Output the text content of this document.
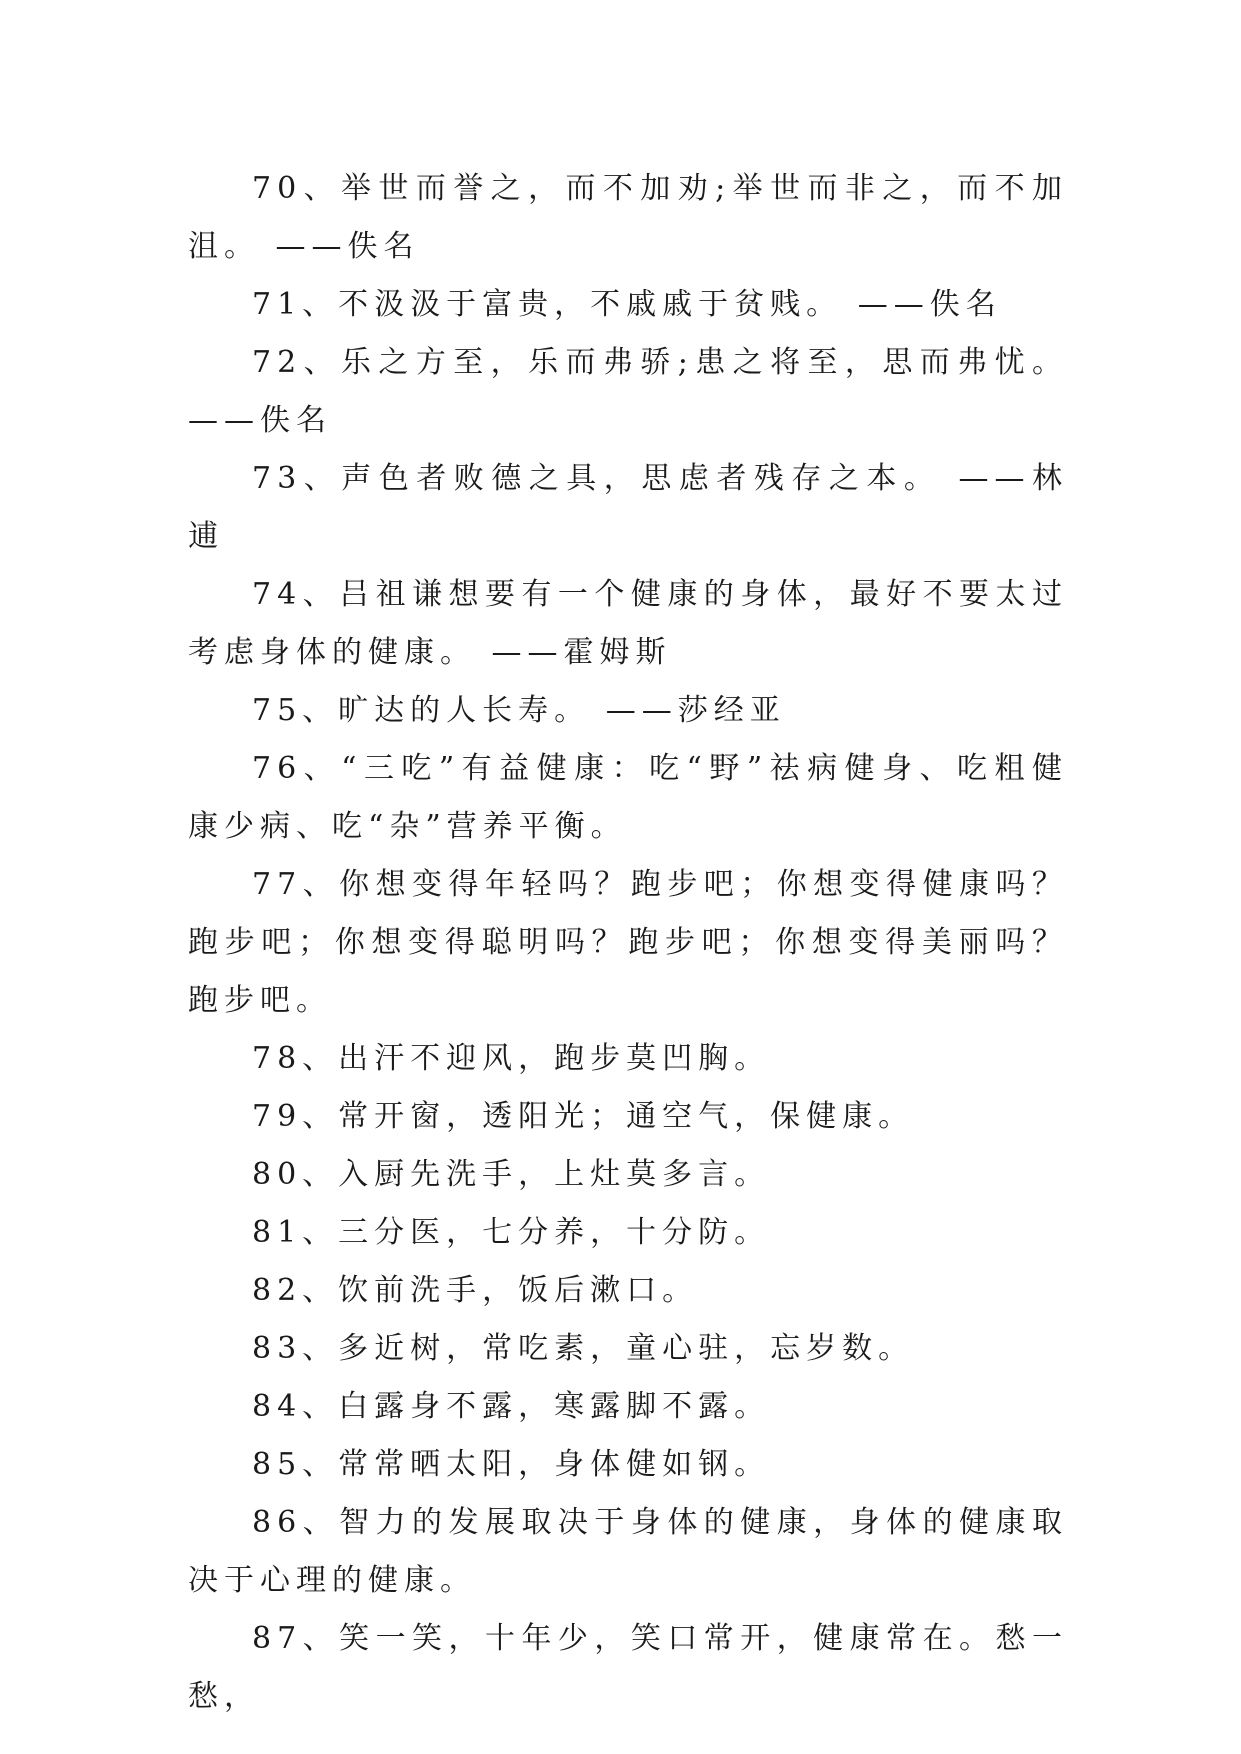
70、举世而誉之，而不加劝;举世而非之，而不加沮。 ——佚名

71、不汲汲于富贵，不戚戚于贫贱。 ——佚名

72、乐之方至，乐而弗骄;患之将至，思而弗忧。 ——佚名

73、声色者败德之具，思虑者残存之本。 ——林逋

74、吕祖谦想要有一个健康的身体，最好不要太过考虑身体的健康。 ——霍姆斯

75、旷达的人长寿。 ——莎经亚

76、“三吃”有益健康：吃“野”祛病健身、吃粗健康少病、吃“杂”营养平衡。

77、你想变得年轻吗？跑步吧；你想变得健康吗？跑步吧；你想变得聪明吗？跑步吧；你想变得美丽吗？跑步吧。

78、出汗不迎风，跑步莫凹胸。

79、常开窗，透阳光；通空气，保健康。

80、入厨先洗手，上灶莫多言。

81、三分医，七分养，十分防。

82、饮前洗手，饭后漱口。

83、多近树，常吃素，童心驻，忘岁数。

84、白露身不露，寒露脚不露。

85、常常晒太阳，身体健如钢。

86、智力的发展取决于身体的健康，身体的健康取决于心理的健康。

87、笑一笑，十年少，笑口常开，健康常在。愁一愁，
